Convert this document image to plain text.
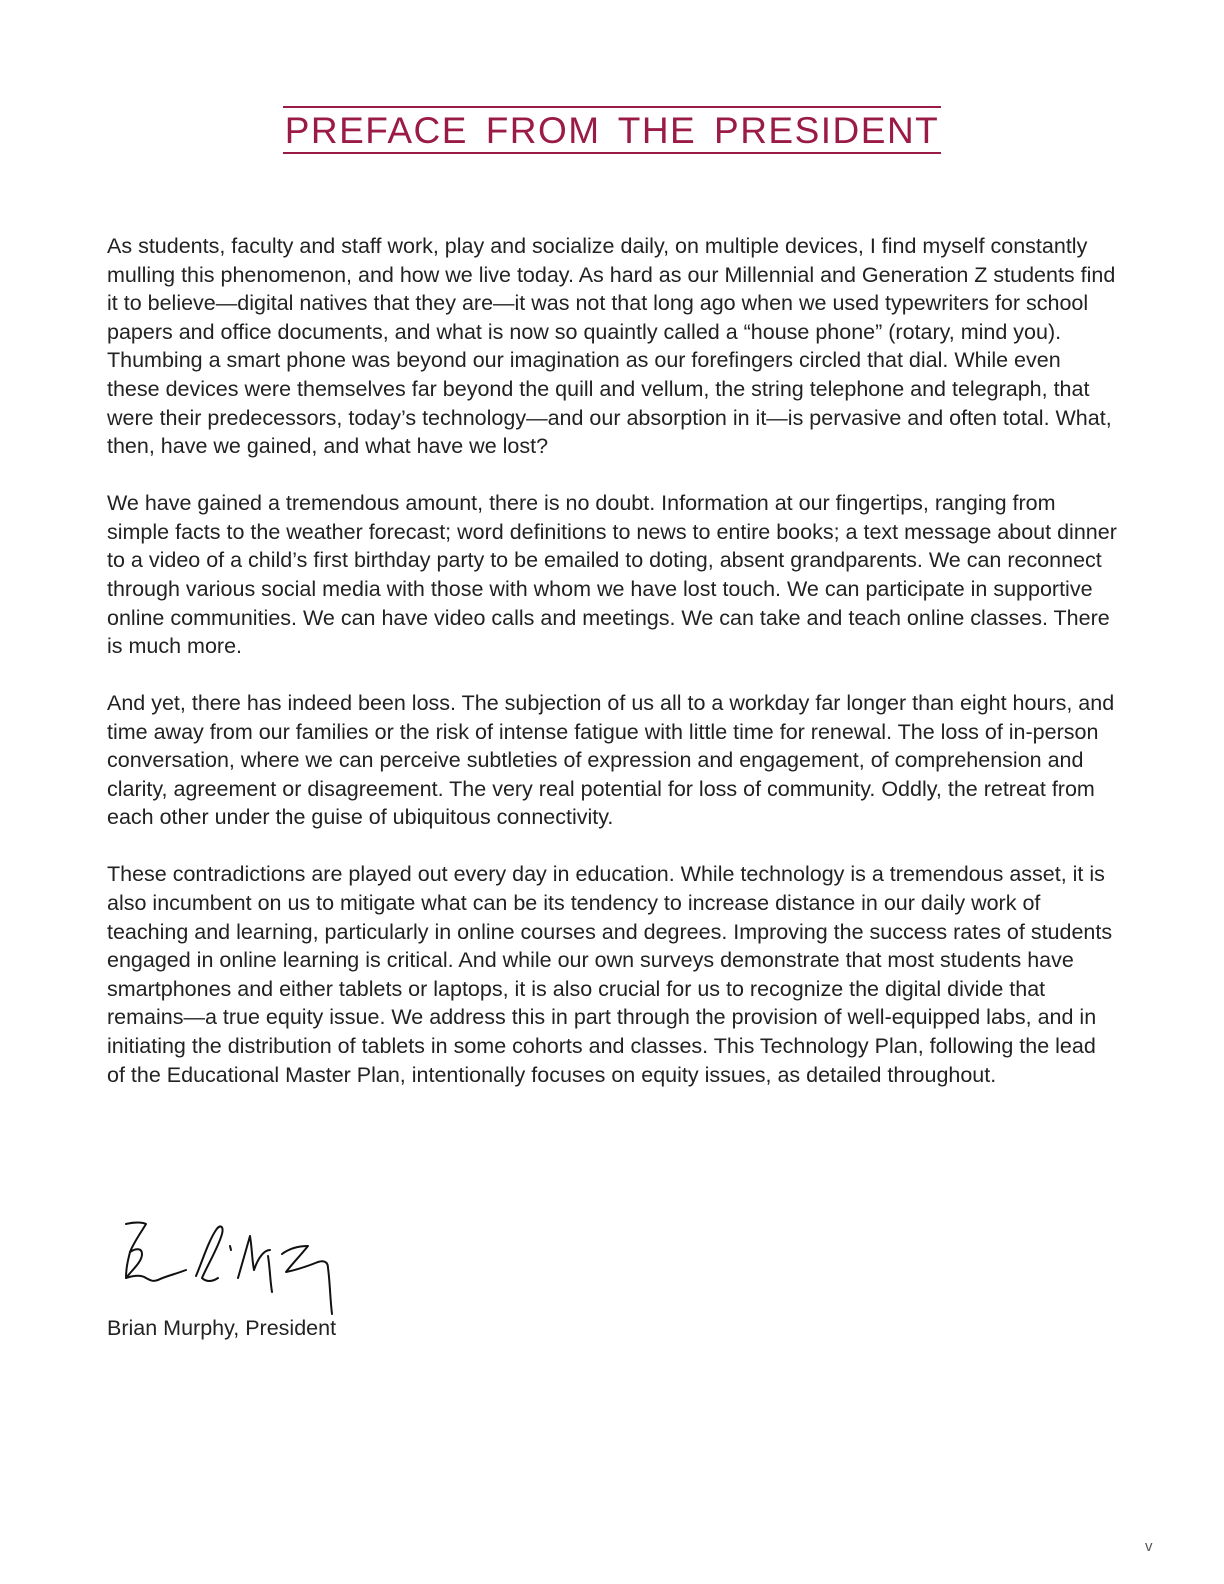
PREFACE FROM THE PRESIDENT

As students, faculty and staff work, play and socialize daily, on multiple devices, I find myself constantly mulling this phenomenon, and how we live today. As hard as our Millennial and Generation Z students find it to believe—digital natives that they are—it was not that long ago when we used typewriters for school papers and office documents, and what is now so quaintly called a “house phone” (rotary, mind you). Thumbing a smart phone was beyond our imagination as our forefingers circled that dial. While even these devices were themselves far beyond the quill and vellum, the string telephone and telegraph, that were their predecessors, today’s technology—and our absorption in it—is pervasive and often total. What, then, have we gained, and what have we lost?

We have gained a tremendous amount, there is no doubt. Information at our fingertips, ranging from simple facts to the weather forecast; word definitions to news to entire books; a text message about dinner to a video of a child’s first birthday party to be emailed to doting, absent grandparents. We can reconnect through various social media with those with whom we have lost touch. We can participate in supportive online communities. We can have video calls and meetings. We can take and teach online classes. There is much more.

And yet, there has indeed been loss. The subjection of us all to a workday far longer than eight hours, and time away from our families or the risk of intense fatigue with little time for renewal. The loss of in-person conversation, where we can perceive subtleties of expression and engagement, of comprehension and clarity, agreement or disagreement. The very real potential for loss of community. Oddly, the retreat from each other under the guise of ubiquitous connectivity.

These contradictions are played out every day in education. While technology is a tremendous asset, it is also incumbent on us to mitigate what can be its tendency to increase distance in our daily work of teaching and learning, particularly in online courses and degrees. Improving the success rates of students engaged in online learning is critical. And while our own surveys demonstrate that most students have smartphones and either tablets or laptops, it is also crucial for us to recognize the digital divide that remains—a true equity issue. We address this in part through the provision of well-equipped labs, and in initiating the distribution of tablets in some cohorts and classes. This Technology Plan, following the lead of the Educational Master Plan, intentionally focuses on equity issues, as detailed throughout.

Brian Murphy, President

v
